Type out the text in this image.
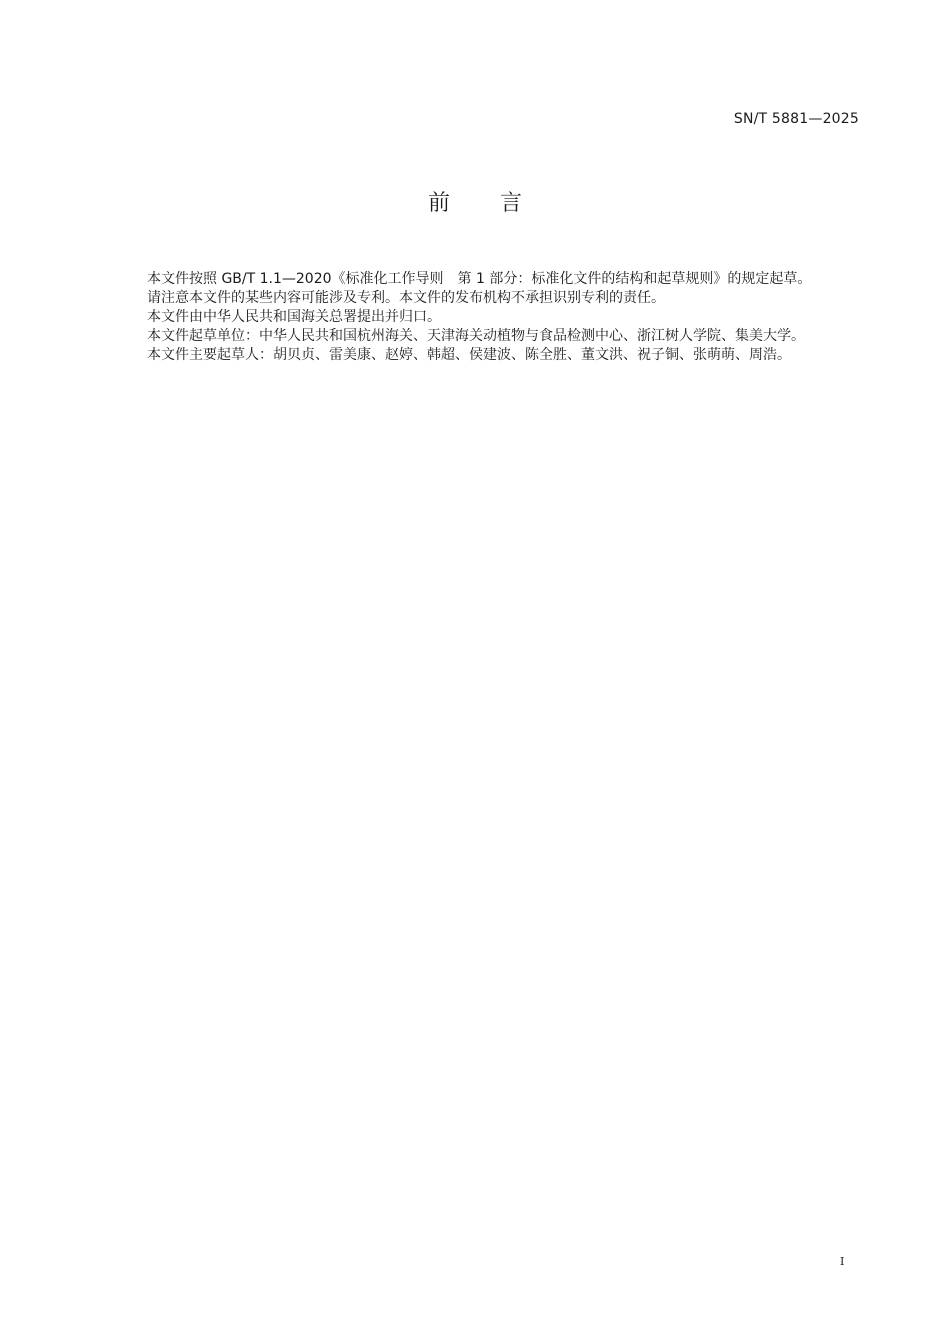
SN/T 5881—2025
前言

本文件按照 GB/T 1.1—2020《标准化工作导则　第 1 部分：标准化文件的结构和起草规则》的规定起草。

请注意本文件的某些内容可能涉及专利。本文件的发布机构不承担识别专利的责任。

本文件由中华人民共和国海关总署提出并归口。

本文件起草单位：中华人民共和国杭州海关、天津海关动植物与食品检测中心、浙江树人学院、集美大学。

本文件主要起草人：胡贝贞、雷美康、赵婷、韩超、侯建波、陈全胜、董文洪、祝子铜、张萌萌、周浩。

I
